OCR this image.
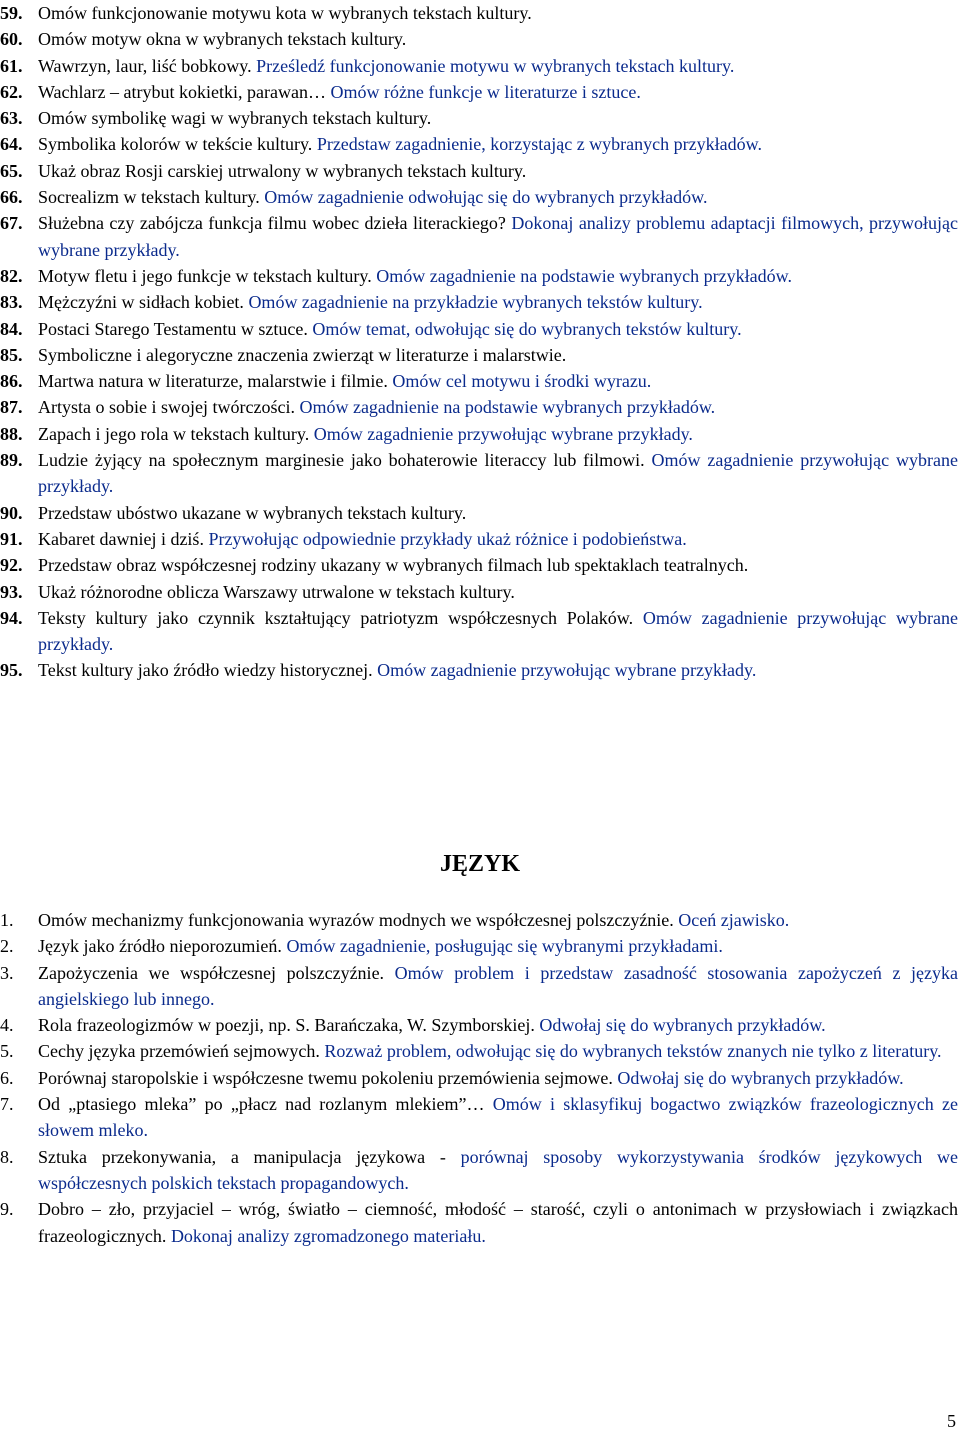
59. Omów funkcjonowanie motywu kota w wybranych tekstach kultury.
60. Omów motyw okna w wybranych tekstach kultury.
61. Wawrzyn, laur, liść bobkowy. Prześledź funkcjonowanie motywu w wybranych tekstach kultury.
62. Wachlarz – atrybut kokietki, parawan… Omów różne funkcje w literaturze i sztuce.
63. Omów symbolikę wagi w wybranych tekstach kultury.
64. Symbolika kolorów w tekście kultury. Przedstaw zagadnienie, korzystając z wybranych przykładów.
65. Ukaż obraz Rosji carskiej utrwalony w wybranych tekstach kultury.
66. Socrealizm w tekstach kultury. Omów zagadnienie odwołując się do wybranych przykładów.
67. Służebna czy zabójcza funkcja filmu wobec dzieła literackiego? Dokonaj analizy problemu adaptacji filmowych, przywołując wybrane przykłady.
82. Motyw fletu i jego funkcje w tekstach kultury. Omów zagadnienie na podstawie wybranych przykładów.
83. Mężczyźni w sidłach kobiet. Omów zagadnienie na przykładzie wybranych tekstów kultury.
84. Postaci Starego Testamentu w sztuce. Omów temat, odwołując się do wybranych tekstów kultury.
85. Symboliczne i alegoryczne znaczenia zwierząt w literaturze i malarstwie.
86. Martwa natura w literaturze, malarstwie i filmie. Omów cel motywu i środki wyrazu.
87. Artysta o sobie i swojej twórczości. Omów zagadnienie na podstawie wybranych przykładów.
88. Zapach i jego rola w tekstach kultury. Omów zagadnienie przywołując wybrane przykłady.
89. Ludzie żyjący na społecznym marginesie jako bohaterowie literaccy lub filmowi. Omów zagadnienie przywołując wybrane przykłady.
90. Przedstaw ubóstwo ukazane w wybranych tekstach kultury.
91. Kabaret dawniej i dziś. Przywołując odpowiednie przykłady ukaż różnice i podobieństwa.
92. Przedstaw obraz współczesnej rodziny ukazany w wybranych filmach lub spektaklach teatralnych.
93. Ukaż różnorodne oblicza Warszawy utrwalone w tekstach kultury.
94. Teksty kultury jako czynnik kształtujący patriotyzm współczesnych Polaków. Omów zagadnienie przywołując wybrane przykłady.
95. Tekst kultury jako źródło wiedzy historycznej. Omów zagadnienie przywołując wybrane przykłady.
JĘZYK
1.	Omów mechanizmy funkcjonowania wyrazów modnych we współczesnej polszczyźnie. Oceń zjawisko.
2.	Język jako źródło nieporozumień. Omów zagadnienie, posługując się wybranymi przykładami.
3.	Zapożyczenia we współczesnej polszczyźnie. Omów problem i przedstaw zasadność stosowania zapożyczeń z języka angielskiego lub innego.
4.	Rola frazeologizmów w poezji, np. S. Barańczaka, W. Szymborskiej. Odwołaj się do wybranych przykładów.
5.	Cechy języka przemówień sejmowych. Rozważ problem, odwołując się do wybranych tekstów znanych nie tylko z literatury.
6.	Porównaj staropolskie i współczesne twemu pokoleniu przemówienia sejmowe. Odwołaj się do wybranych przykładów.
7.	Od „ptasiego mleka” po „płacz nad rozlanym mlekiem”… Omów i sklasyfikuj bogactwo związków frazeologicznych ze słowem mleko.
8.	Sztuka przekonywania, a manipulacja językowa - porównaj sposoby wykorzystywania środków językowych we współczesnych polskich tekstach propagandowych.
9.	Dobro – zło, przyjaciel – wróg, światło – ciemność, młodość – starość, czyli o antonimach w przysłowiach i związkach frazeologicznych. Dokonaj analizy zgromadzonego materiału.
5
